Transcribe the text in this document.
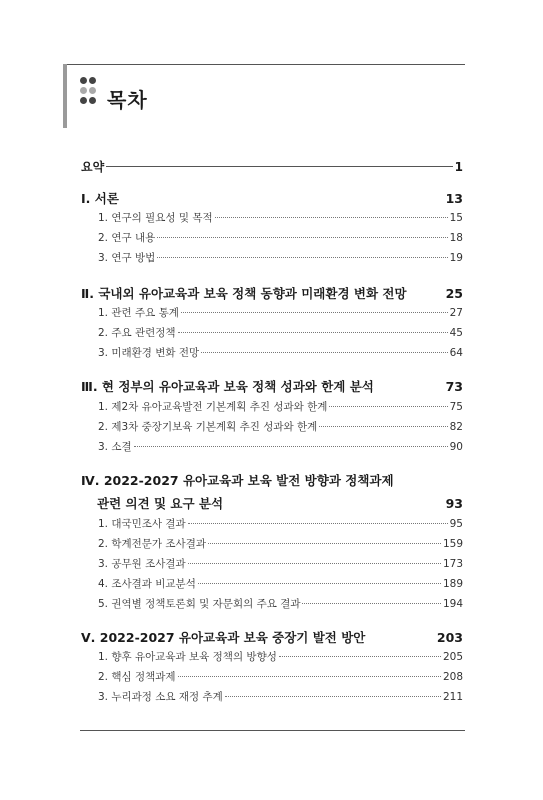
목차
요약	1
Ⅰ. 서론	13
1. 연구의 필요성 및 목적	15
2. 연구 내용	18
3. 연구 방법	19
Ⅱ. 국내외 유아교육과 보육 정책 동향과 미래환경 변화 전망	25
1. 관련 주요 통계	27
2. 주요 관련정책	45
3. 미래환경 변화 전망	64
Ⅲ. 현 정부의 유아교육과 보육 정책 성과와 한계 분석	73
1. 제2차 유아교육발전 기본계획 추진 성과와 한계	75
2. 제3차 중장기보육 기본계획 추진 성과와 한계	82
3. 소결	90
Ⅳ. 2022-2027 유아교육과 보육 발전 방향과 정책과제
관련 의견 및 요구 분석	93
1. 대국민조사 결과	95
2. 학계전문가 조사결과	159
3. 공무원 조사결과	173
4. 조사결과 비교분석	189
5. 권역별 정책토론회 및 자문회의 주요 결과	194
Ⅴ. 2022-2027 유아교육과 보육 중장기 발전 방안	203
1. 향후 유아교육과 보육 정책의 방향성	205
2. 핵심 정책과제	208
3. 누리과정 소요 재정 추계	211
